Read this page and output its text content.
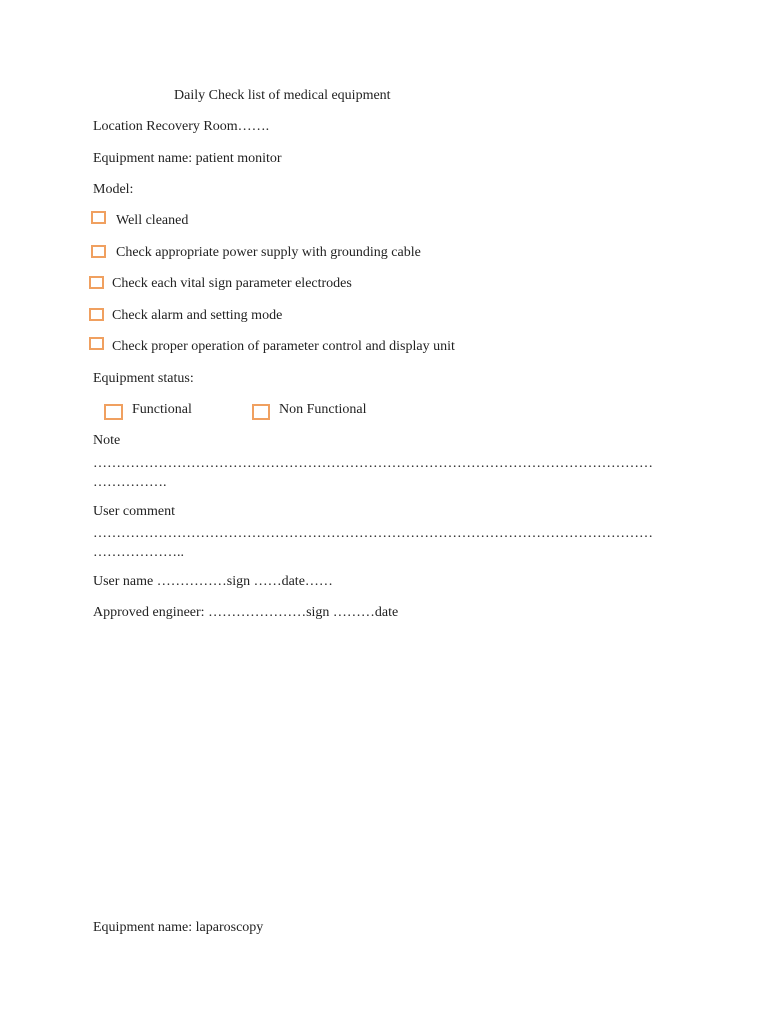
Daily Check list of medical equipment
Location Recovery Room…….
Equipment name: patient monitor
Model:
Well cleaned
Check appropriate power supply with grounding cable
Check each vital sign parameter electrodes
Check alarm and setting mode
Check proper operation of parameter control and display unit
Equipment status:
Functional	Non Functional
Note
…………………………………………………………………………………………………………
…………….
User comment
…………………………………………………………………………………………………………
………………..
User name ……………sign ……date……
Approved engineer: …………………sign ………date
Equipment name: laparoscopy
